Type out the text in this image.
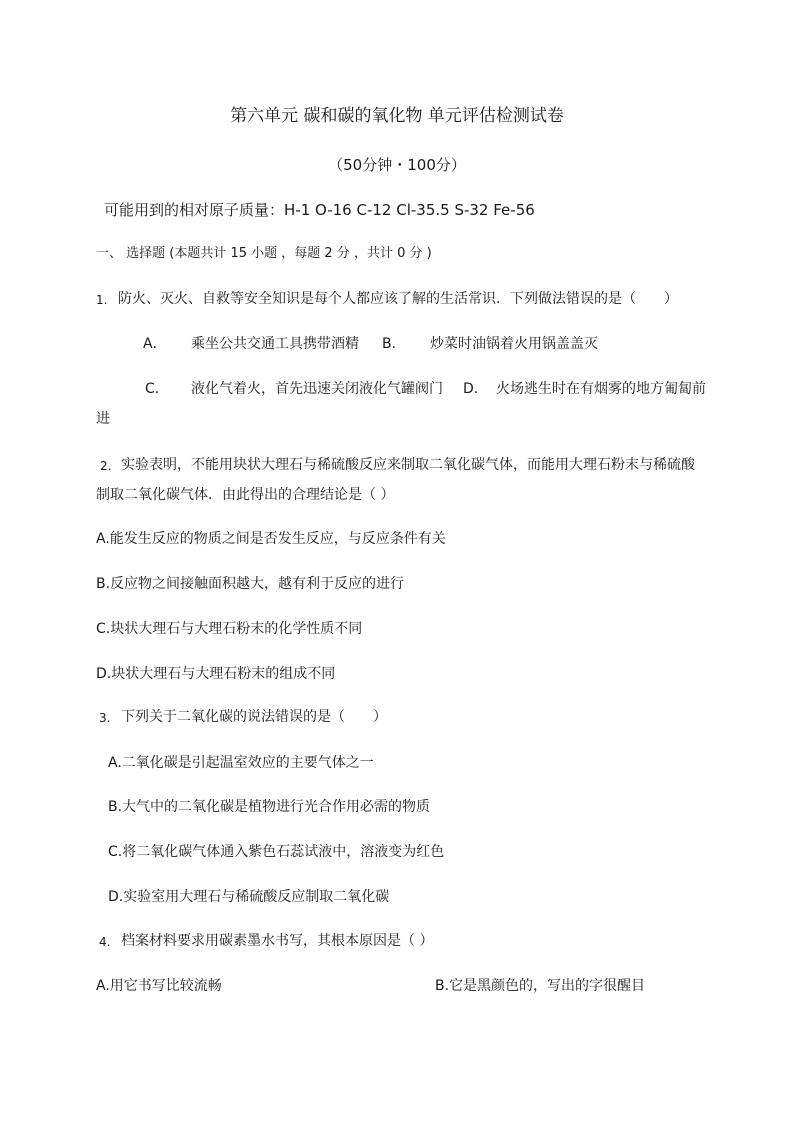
第六单元 碳和碳的氧化物 单元评估检测试卷
（50分钟・100分）
可能用到的相对原子质量：H-1 O-16 C-12 Cl-35.5 S-32 Fe-56
一、 选择题 (本题共计 15 小题 ，每题 2 分 ，共计 0 分 )
1. 防火、灭火、自救等安全知识是每个人都应该了解的生活常识．下列做法错误的是（　　）
A． 乘坐公共交通工具携带酒精 B． 炒菜时油锅着火用锅盖盖灭
C． 液化气着火，首先迅速关闭液化气罐阀门 D． 火场逃生时在有烟雾的地方匍匐前
进
2. 实验表明，不能用块状大理石与稀硫酸反应来制取二氧化碳气体，而能用大理石粉末与稀硫酸
制取二氧化碳气体．由此得出的合理结论是（ ）
A.能发生反应的物质之间是否发生反应，与反应条件有关
B.反应物之间接触面积越大，越有利于反应的进行
C.块状大理石与大理石粉末的化学性质不同
D.块状大理石与大理石粉末的组成不同
3. 下列关于二氧化碳的说法错误的是（　　）
A.二氧化碳是引起温室效应的主要气体之一
B.大气中的二氧化碳是植物进行光合作用必需的物质
C.将二氧化碳气体通入紫色石蕊试液中，溶液变为红色
D.实验室用大理石与稀硫酸反应制取二氧化碳
4. 档案材料要求用碳素墨水书写，其根本原因是（ ）
A.用它书写比较流畅	B.它是黑颜色的，写出的字很醒目
